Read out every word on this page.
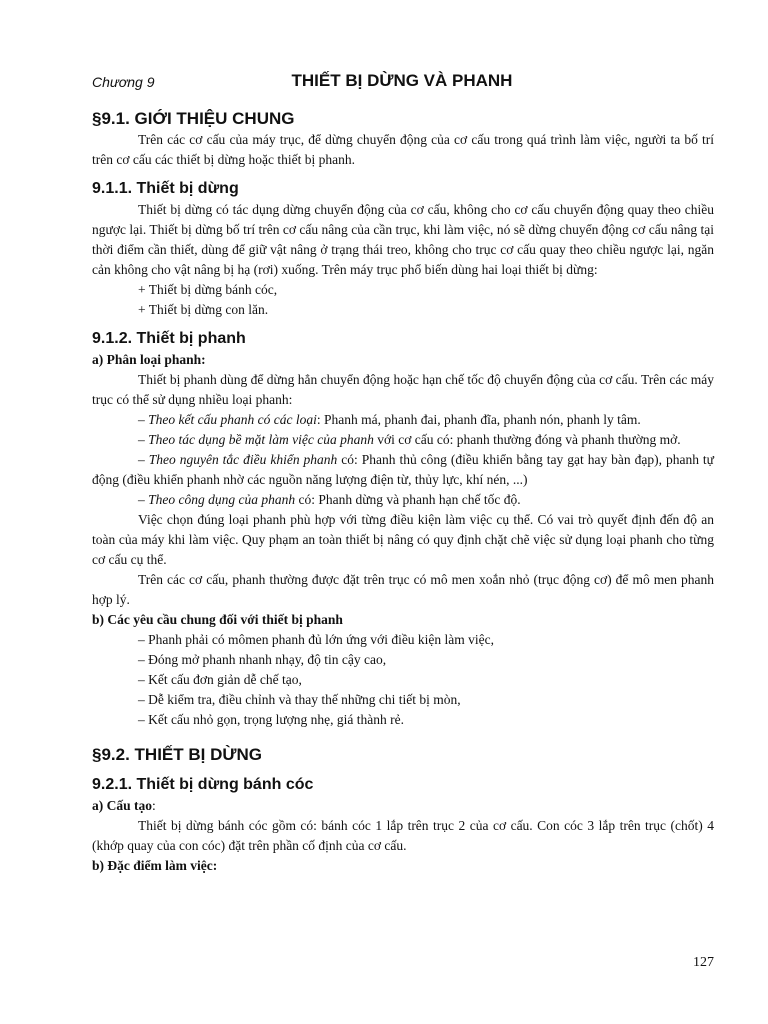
Chương 9	THIẾT BỊ DỪNG VÀ PHANH
§9.1. GIỚI THIỆU CHUNG

Trên các cơ cấu của máy trục, để dừng chuyển động của cơ cấu trong quá trình làm việc, người ta bố trí trên cơ cấu các thiết bị dừng hoặc thiết bị phanh.

9.1.1. Thiết bị dừng

Thiết bị dừng có tác dụng dừng chuyển động của cơ cấu, không cho cơ cấu chuyển động quay theo chiều ngược lại. Thiết bị dừng bố trí trên cơ cấu nâng của cần trục, khi làm việc, nó sẽ dừng chuyển động cơ cấu nâng tại thời điểm cần thiết, dùng để giữ vật nâng ở trạng thái treo, không cho trục cơ cấu quay theo chiều ngược lại, ngăn cản không cho vật nâng bị hạ (rơi) xuống. Trên máy trục phổ biến dùng hai loại thiết bị dừng:

+ Thiết bị dừng bánh cóc,

+ Thiết bị dừng con lăn.

9.1.2. Thiết bị phanh

a) Phân loại phanh:

Thiết bị phanh dùng để dừng hẳn chuyển động hoặc hạn chế tốc độ chuyển động của cơ cấu. Trên các máy trục có thể sử dụng nhiều loại phanh:

– Theo kết cấu phanh có các loại: Phanh má, phanh đai, phanh đĩa, phanh nón, phanh ly tâm.

– Theo tác dụng bề mặt làm việc của phanh với cơ cấu có: phanh thường đóng và phanh thường mở.

– Theo nguyên tắc điều khiển phanh có: Phanh thủ công (điều khiển bằng tay gạt hay bàn đạp), phanh tự động (điều khiển phanh nhờ các nguồn năng lượng điện từ, thủy lực, khí nén, ...)

– Theo công dụng của phanh có: Phanh dừng và phanh hạn chế tốc độ.

Việc chọn đúng loại phanh phù hợp với từng điều kiện làm việc cụ thể. Có vai trò quyết định đến độ an toàn của máy khi làm việc. Quy phạm an toàn thiết bị nâng có quy định chặt chẽ việc sử dụng loại phanh cho từng cơ cấu cụ thể.

Trên các cơ cấu, phanh thường được đặt trên trục có mô men xoắn nhỏ (trục động cơ) để mô men phanh hợp lý.

b) Các yêu cầu chung đối với thiết bị phanh

– Phanh phải có mômen phanh đủ lớn ứng với điều kiện làm việc,

– Đóng mở phanh nhanh nhạy, độ tin cậy cao,

– Kết cấu đơn giản dễ chế tạo,

– Dễ kiểm tra, điều chỉnh và thay thế những chi tiết bị mòn,

– Kết cấu nhỏ gọn, trọng lượng nhẹ, giá thành rẻ.

§9.2. THIẾT BỊ DỪNG
9.2.1. Thiết bị dừng bánh cóc

a) Cấu tạo:

Thiết bị dừng bánh cóc gồm có: bánh cóc 1 lắp trên trục 2 của cơ cấu. Con cóc 3 lắp trên trục (chốt) 4 (khớp quay của con cóc) đặt trên phần cố định của cơ cấu.

b) Đặc điểm làm việc:

127
